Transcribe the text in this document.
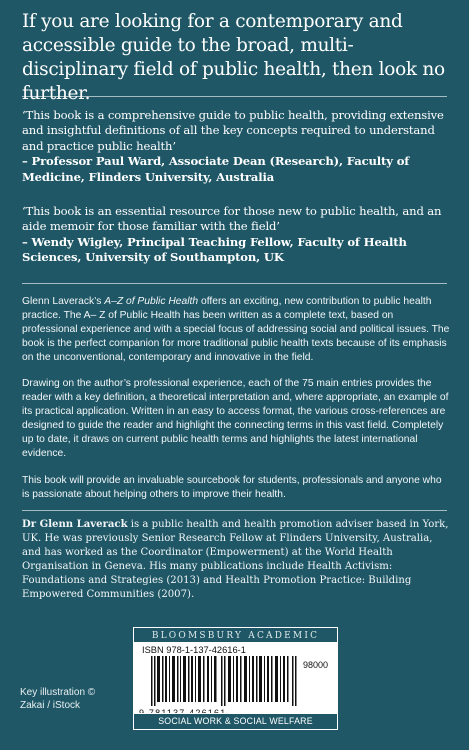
If you are looking for a contemporary and accessible guide to the broad, multi-disciplinary field of public health, then look no further.
‘This book is a comprehensive guide to public health, providing extensive and insightful definitions of all the key concepts required to understand and practice public health’
– Professor Paul Ward, Associate Dean (Research), Faculty of Medicine, Flinders University, Australia
‘This book is an essential resource for those new to public health, and an aide memoir for those familiar with the field’
– Wendy Wigley, Principal Teaching Fellow, Faculty of Health Sciences, University of Southampton, UK
Glenn Laverack’s A–Z of Public Health offers an exciting, new contribution to public health practice. The A– Z of Public Health has been written as a complete text, based on professional experience and with a special focus of addressing social and political issues. The book is the perfect companion for more traditional public health texts because of its emphasis on the unconventional, contemporary and innovative in the field.
Drawing on the author’s professional experience, each of the 75 main entries provides the reader with a key definition, a theoretical interpretation and, where appropriate, an example of its practical application. Written in an easy to access format, the various cross-references are designed to guide the reader and highlight the connecting terms in this vast field. Completely up to date, it draws on current public health terms and highlights the latest international evidence.
This book will provide an invaluable sourcebook for students, professionals and anyone who is passionate about helping others to improve their health.
Dr Glenn Laverack is a public health and health promotion adviser based in York, UK. He was previously Senior Research Fellow at Flinders University, Australia, and has worked as the Coordinator (Empowerment) at the World Health Organisation in Geneva. His many publications include Health Activism: Foundations and Strategies (2013) and Health Promotion Practice: Building Empowered Communities (2007).
Key illustration © Zakai / iStock
BLOOMSBURY ACADEMIC
ISBN 978-1-137-42616-1
98000
SOCIAL WORK & SOCIAL WELFARE
